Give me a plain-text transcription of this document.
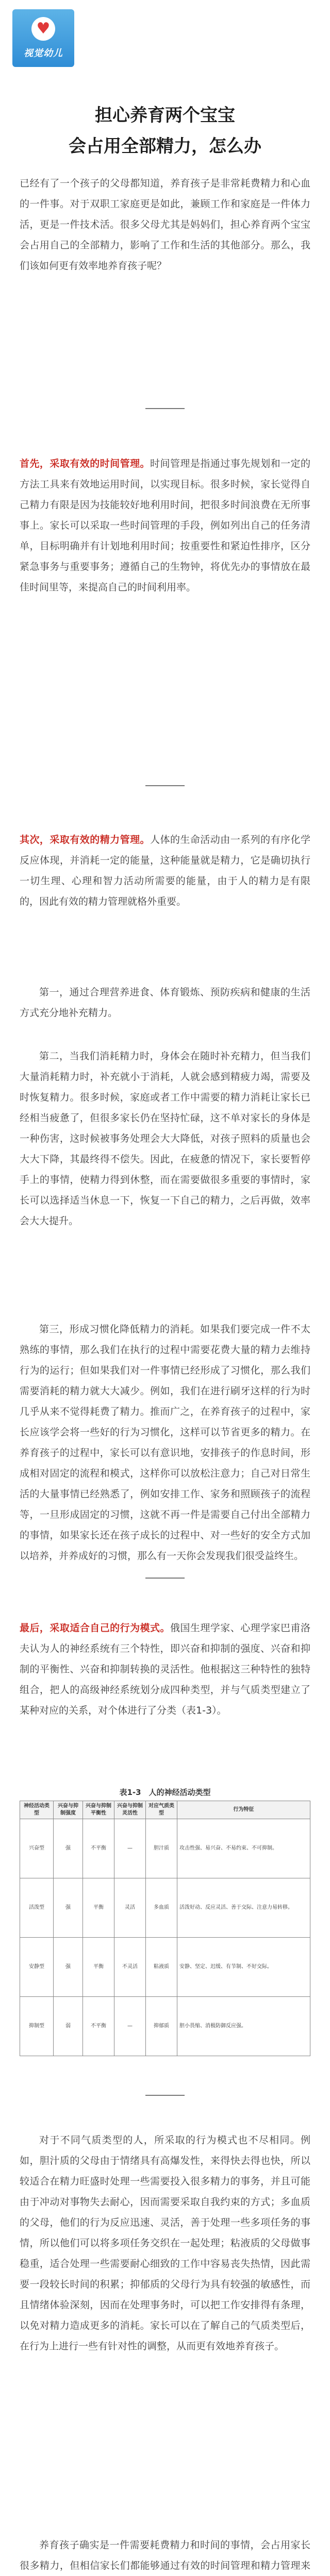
♥
视觉幼儿
担心养育两个宝宝
会占用全部精力，怎么办

已经有了一个孩子的父母都知道，养育孩子是非常耗费精力和心血的一件事。对于双职工家庭更是如此，兼顾工作和家庭是一件体力活，更是一件技术活。很多父母尤其是妈妈们，担心养育两个宝宝会占用自己的全部精力，影响了工作和生活的其他部分。那么，我们该如何更有效率地养育孩子呢？

首先，采取有效的时间管理。时间管理是指通过事先规划和一定的方法工具来有效地运用时间，以实现目标。很多时候，家长觉得自己精力有限是因为技能较好地利用时间，把很多时间浪费在无所事事上。家长可以采取一些时间管理的手段，例如列出自己的任务清单，目标明确并有计划地利用时间；按重要性和紧迫性排序，区分紧急事务与重要事务；遵循自己的生物钟，将优先办的事情放在最佳时间里等，来提高自己的时间利用率。

其次，采取有效的精力管理。人体的生命活动由一系列的有序化学反应体现，并消耗一定的能量，这种能量就是精力，它是确切执行一切生理、心理和智力活动所需要的能量，由于人的精力是有限的，因此有效的精力管理就格外重要。

第一，通过合理营养进食、体育锻炼、预防疾病和健康的生活方式充分地补充精力。

第二，当我们消耗精力时，身体会在随时补充精力，但当我们大量消耗精力时，补充就小于消耗，人就会感到精疲力竭，需要及时恢复精力。很多时候，家庭或者工作中需要的精力消耗让家长已经相当疲惫了，但很多家长仍在坚持忙碌，这不单对家长的身体是一种伤害，这时候被事务处理会大大降低，对孩子照料的质量也会大大下降，其最终得不偿失。因此，在疲惫的情况下，家长要暂停手上的事情，使精力得到休整，而在需要做很多重要的事情时，家长可以选择适当休息一下，恢复一下自己的精力，之后再做，效率会大大提升。

第三，形成习惯化降低精力的消耗。如果我们要完成一件不太熟练的事情，那么我们在执行的过程中需要花费大量的精力去维持行为的运行；但如果我们对一件事情已经形成了习惯化，那么我们需要消耗的精力就大大减少。例如，我们在进行刷牙这样的行为时几乎从来不觉得耗费了精力。推而广之，在养育孩子的过程中，家长应该学会将一些好的行为习惯化，这样可以节省更多的精力。在养育孩子的过程中，家长可以有意识地，安排孩子的作息时间，形成相对固定的流程和模式，这样你可以放松注意力；自己对日常生活的大量事情已经熟悉了，例如安排工作、家务和照顾孩子的流程等，一旦形成固定的习惯，这就不再一件是需要自己付出全部精力的事情，如果家长还在孩子成长的过程中、对一些好的安全方式加以培养，并养成好的习惯，那么有一天你会发现我们很受益终生。

最后，采取适合自己的行为模式。俄国生理学家、心理学家巴甫洛夫认为人的神经系统有三个特性，即兴奋和抑制的强度、兴奋和抑制的平衡性、兴奋和抑制转换的灵活性。他根据这三种特性的独特组合，把人的高级神经系统划分成四种类型，并与气质类型建立了某种对应的关系，对个体进行了分类（表1-3）。

表1-3　人的神经活动类型
神经活动类型	兴奋与抑制强度	兴奋与抑制平衡性	兴奋与抑制灵活性	对应气质类型	行为特征
兴奋型	强	不平衡	—	胆汁质	攻击性强、易兴奋、不易约束、不可抑制。
活泼型	强	平衡	灵活	多血质	活泼好动、反应灵活、善于交际、注意力易转移。
安静型	强	平衡	不灵活	粘液质	安静、坚定、迟缓、有节制、不好交际。
抑制型	弱	不平衡	—	抑郁质	胆小畏缩、消极防御反应强。

对于不同气质类型的人，所采取的行为模式也不尽相同。例如，胆汁质的父母由于情绪具有高爆发性，来得快去得也快，所以较适合在精力旺盛时处理一些需要投入很多精力的事务，并且可能由于冲动对事物失去耐心，因而需要采取自我约束的方式；多血质的父母，他们的行为反应迅速、灵活，善于处理一些多项任务的事情，所以他们可以将多项任务交织在一起处理；粘液质的父母做事稳重，适合处理一些需要耐心细致的工作中容易丧失热情，因此需要一段较长时间的积累；抑郁质的父母行为具有较强的敏感性，而且情绪体验深刻，因而在处理事务时，可以把工作安排得有条理，以免对精力造成更多的消耗。家长可以在了解自己的气质类型后，在行为上进行一些有针对性的调整，从而更有效地养育孩子。

养育孩子确实是一件需要耗费精力和时间的事情，会占用家长很多精力，但相信家长们都能够通过有效的时间管理和精力管理来
